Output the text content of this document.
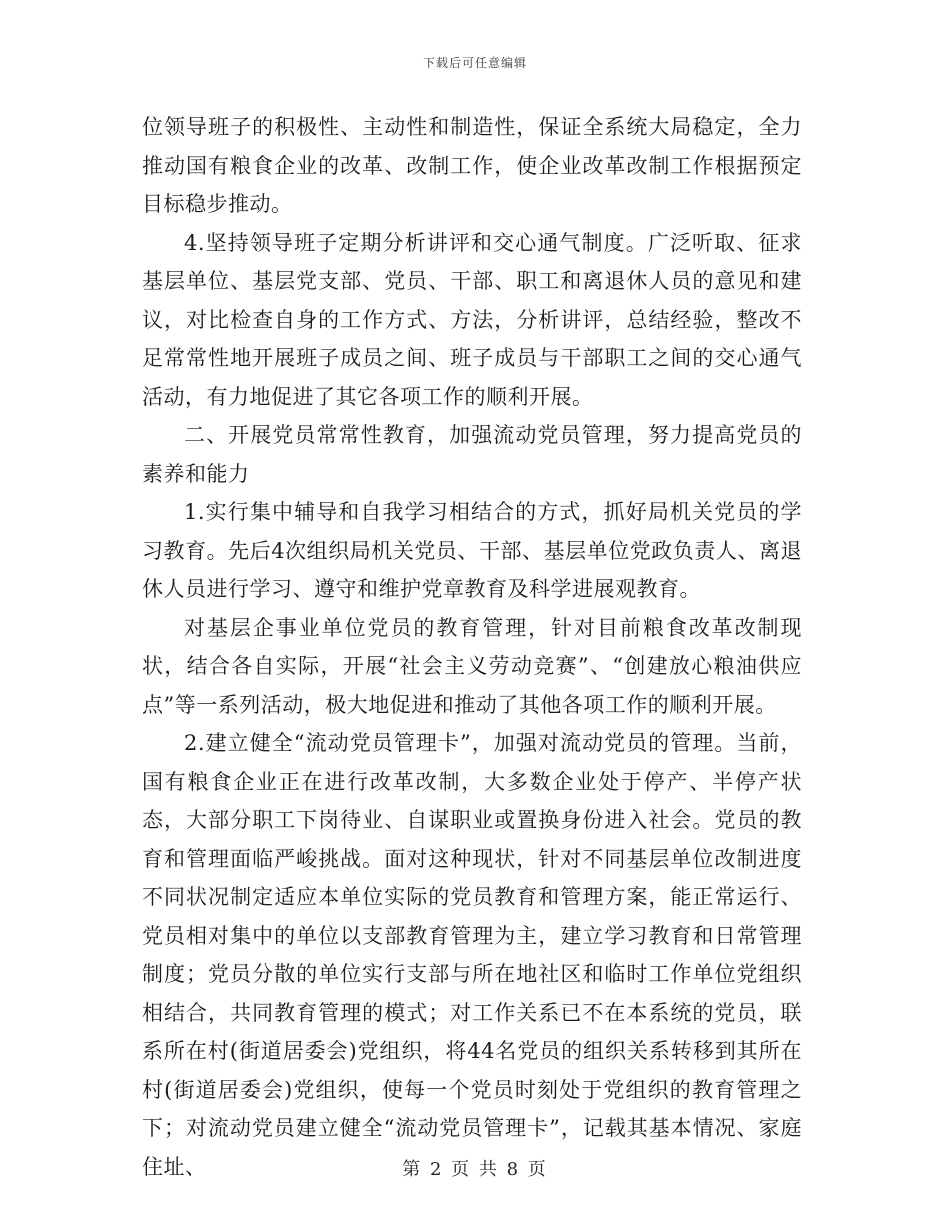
下载后可任意编辑

位领导班子的积极性、主动性和制造性，保证全系统大局稳定，全力推动国有粮食企业的改革、改制工作，使企业改革改制工作根据预定目标稳步推动。

4.坚持领导班子定期分析讲评和交心通气制度。广泛听取、征求基层单位、基层党支部、党员、干部、职工和离退休人员的意见和建议，对比检查自身的工作方式、方法，分析讲评，总结经验，整改不足常常性地开展班子成员之间、班子成员与干部职工之间的交心通气活动，有力地促进了其它各项工作的顺利开展。

二、开展党员常常性教育，加强流动党员管理，努力提高党员的素养和能力

1.实行集中辅导和自我学习相结合的方式，抓好局机关党员的学习教育。先后4次组织局机关党员、干部、基层单位党政负责人、离退休人员进行学习、遵守和维护党章教育及科学进展观教育。

对基层企事业单位党员的教育管理，针对目前粮食改革改制现状，结合各自实际，开展“社会主义劳动竞赛”、“创建放心粮油供应点”等一系列活动，极大地促进和推动了其他各项工作的顺利开展。

2.建立健全“流动党员管理卡”，加强对流动党员的管理。当前，国有粮食企业正在进行改革改制，大多数企业处于停产、半停产状态，大部分职工下岗待业、自谋职业或置换身份进入社会。党员的教育和管理面临严峻挑战。面对这种现状，针对不同基层单位改制进度不同状况制定适应本单位实际的党员教育和管理方案，能正常运行、党员相对集中的单位以支部教育管理为主，建立学习教育和日常管理制度；党员分散的单位实行支部与所在地社区和临时工作单位党组织相结合，共同教育管理的模式；对工作关系已不在本系统的党员，联系所在村(街道居委会)党组织，将44名党员的组织关系转移到其所在村(街道居委会)党组织，使每一个党员时刻处于党组织的教育管理之下；对流动党员建立健全“流动党员管理卡”，记载其基本情况、家庭住址、	第 2 页 共 8 页
